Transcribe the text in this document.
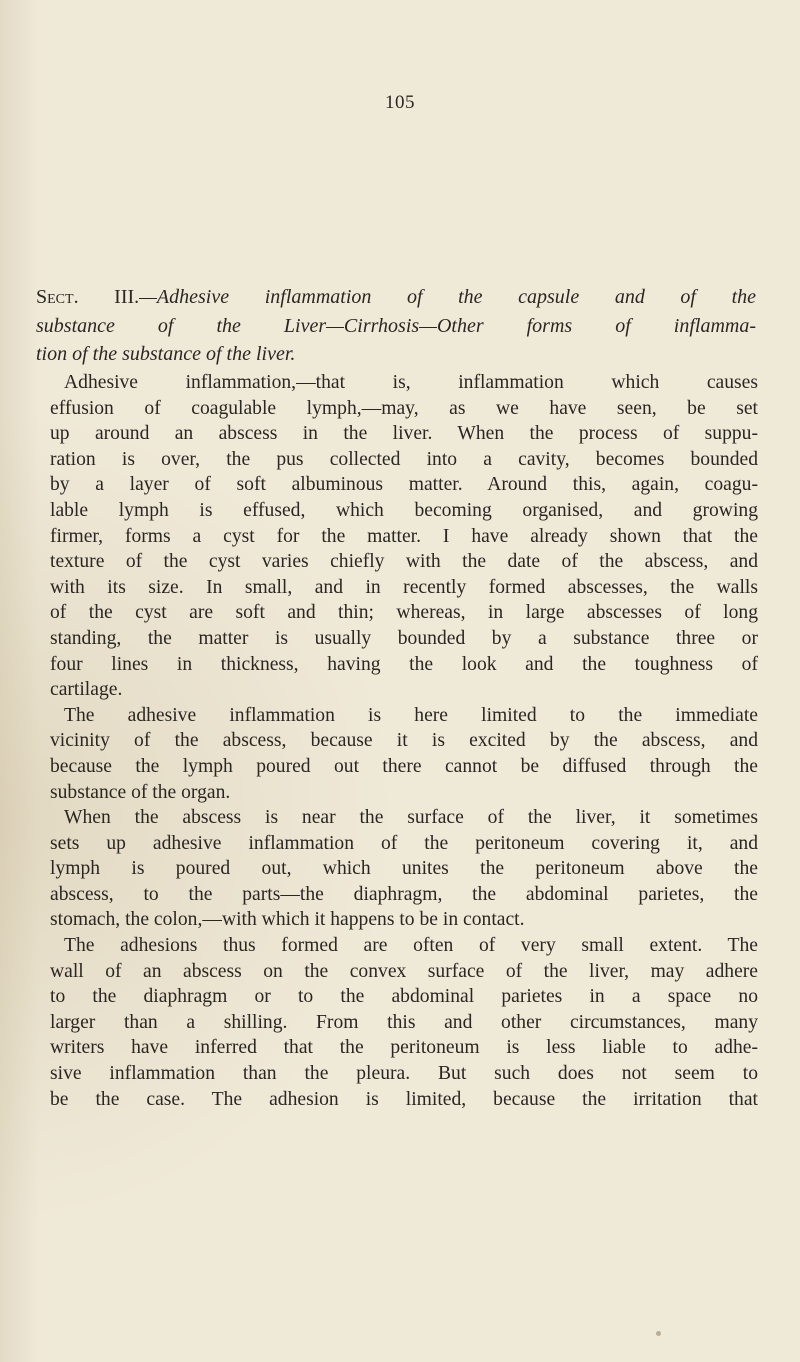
105
Sect. III.—Adhesive inflammation of the capsule and of the
substance of the Liver—Cirrhosis—Other forms of inflamma-
tion of the substance of the liver.
Adhesive inflammation,—that is, inflammation which causes
effusion of coagulable lymph,—may, as we have seen, be set
up around an abscess in the liver. When the process of suppu-
ration is over, the pus collected into a cavity, becomes bounded
by a layer of soft albuminous matter. Around this, again, coagu-
lable lymph is effused, which becoming organised, and growing
firmer, forms a cyst for the matter. I have already shown that the
texture of the cyst varies chiefly with the date of the abscess, and
with its size. In small, and in recently formed abscesses, the walls
of the cyst are soft and thin; whereas, in large abscesses of long
standing, the matter is usually bounded by a substance three or
four lines in thickness, having the look and the toughness of
cartilage.
The adhesive inflammation is here limited to the immediate
vicinity of the abscess, because it is excited by the abscess, and
because the lymph poured out there cannot be diffused through the
substance of the organ.
When the abscess is near the surface of the liver, it sometimes
sets up adhesive inflammation of the peritoneum covering it, and
lymph is poured out, which unites the peritoneum above the
abscess, to the parts—the diaphragm, the abdominal parietes, the
stomach, the colon,—with which it happens to be in contact.
The adhesions thus formed are often of very small extent. The
wall of an abscess on the convex surface of the liver, may adhere
to the diaphragm or to the abdominal parietes in a space no
larger than a shilling. From this and other circumstances, many
writers have inferred that the peritoneum is less liable to adhe-
sive inflammation than the pleura. But such does not seem to
be the case. The adhesion is limited, because the irritation that
